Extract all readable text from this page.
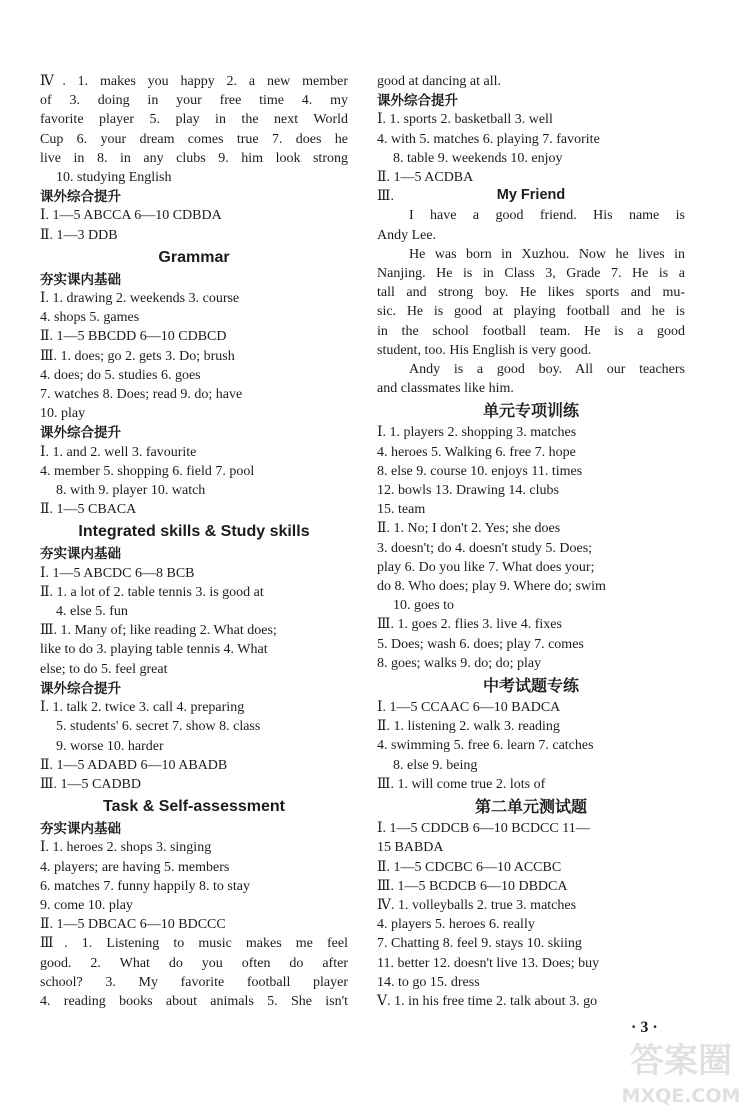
Ⅳ. 1. makes you happy 2. a new member
of 3. doing in your free time 4. my
favorite player 5. play in the next World
Cup 6. your dream comes true 7. does he
live in 8. in any clubs 9. him look strong
10. studying English
课外综合提升
Ⅰ. 1—5 ABCCA 6—10 CDBDA
Ⅱ. 1—3 DDB
Grammar
夯实课内基础
Ⅰ. 1. drawing 2. weekends 3. course
4. shops 5. games
Ⅱ. 1—5 BBCDD 6—10 CDBCD
Ⅲ. 1. does; go 2. gets 3. Do; brush
4. does; do 5. studies 6. goes
7. watches 8. Does; read 9. do; have
10. play
课外综合提升
Ⅰ. 1. and 2. well 3. favourite
4. member 5. shopping 6. field 7. pool
8. with 9. player 10. watch
Ⅱ. 1—5 CBACA
Integrated skills & Study skills
夯实课内基础
Ⅰ. 1—5 ABCDC 6—8 BCB
Ⅱ. 1. a lot of 2. table tennis 3. is good at
4. else 5. fun
Ⅲ. 1. Many of; like reading 2. What does;
like to do 3. playing table tennis 4. What
else; to do 5. feel great
课外综合提升
Ⅰ. 1. talk 2. twice 3. call 4. preparing
5. students' 6. secret 7. show 8. class
9. worse 10. harder
Ⅱ. 1—5 ADABD 6—10 ABADB
Ⅲ. 1—5 CADBD
Task & Self-assessment
夯实课内基础
Ⅰ. 1. heroes 2. shops 3. singing
4. players; are having 5. members
6. matches 7. funny happily 8. to stay
9. come 10. play
Ⅱ. 1—5 DBCAC 6—10 BDCCC
Ⅲ. 1. Listening to music makes me feel
good. 2. What do you often do after
school? 3. My favorite football player
4. reading books about animals 5. She isn't
good at dancing at all.
课外综合提升
Ⅰ. 1. sports 2. basketball 3. well
4. with 5. matches 6. playing 7. favorite
8. table 9. weekends 10. enjoy
Ⅱ. 1—5 ACDBA
Ⅲ.	My Friend
I have a good friend. His name is
Andy Lee.
He was born in Xuzhou. Now he lives in
Nanjing. He is in Class 3, Grade 7. He is a
tall and strong boy. He likes sports and mu-
sic. He is good at playing football and he is
in the school football team. He is a good
student, too. His English is very good.
Andy is a good boy. All our teachers
and classmates like him.
单元专项训练
Ⅰ. 1. players 2. shopping 3. matches
4. heroes 5. Walking 6. free 7. hope
8. else 9. course 10. enjoys 11. times
12. bowls 13. Drawing 14. clubs
15. team
Ⅱ. 1. No; I don't 2. Yes; she does
3. doesn't; do 4. doesn't study 5. Does;
play 6. Do you like 7. What does your;
do 8. Who does; play 9. Where do; swim
10. goes to
Ⅲ. 1. goes 2. flies 3. live 4. fixes
5. Does; wash 6. does; play 7. comes
8. goes; walks 9. do; do; play
中考试题专练
Ⅰ. 1—5 CCAAC 6—10 BADCA
Ⅱ. 1. listening 2. walk 3. reading
4. swimming 5. free 6. learn 7. catches
8. else 9. being
Ⅲ. 1. will come true 2. lots of
第二单元测试题
Ⅰ. 1—5 CDDCB 6—10 BCDCC 11—
15 BABDA
Ⅱ. 1—5 CDCBC 6—10 ACCBC
Ⅲ. 1—5 BCDCB 6—10 DBDCA
Ⅳ. 1. volleyballs 2. true 3. matches
4. players 5. heroes 6. really
7. Chatting 8. feel 9. stays 10. skiing
11. better 12. doesn't live 13. Does; buy
14. to go 15. dress
Ⅴ. 1. in his free time 2. talk about 3. go
· 3 ·
答案圈
MXQE.COM
